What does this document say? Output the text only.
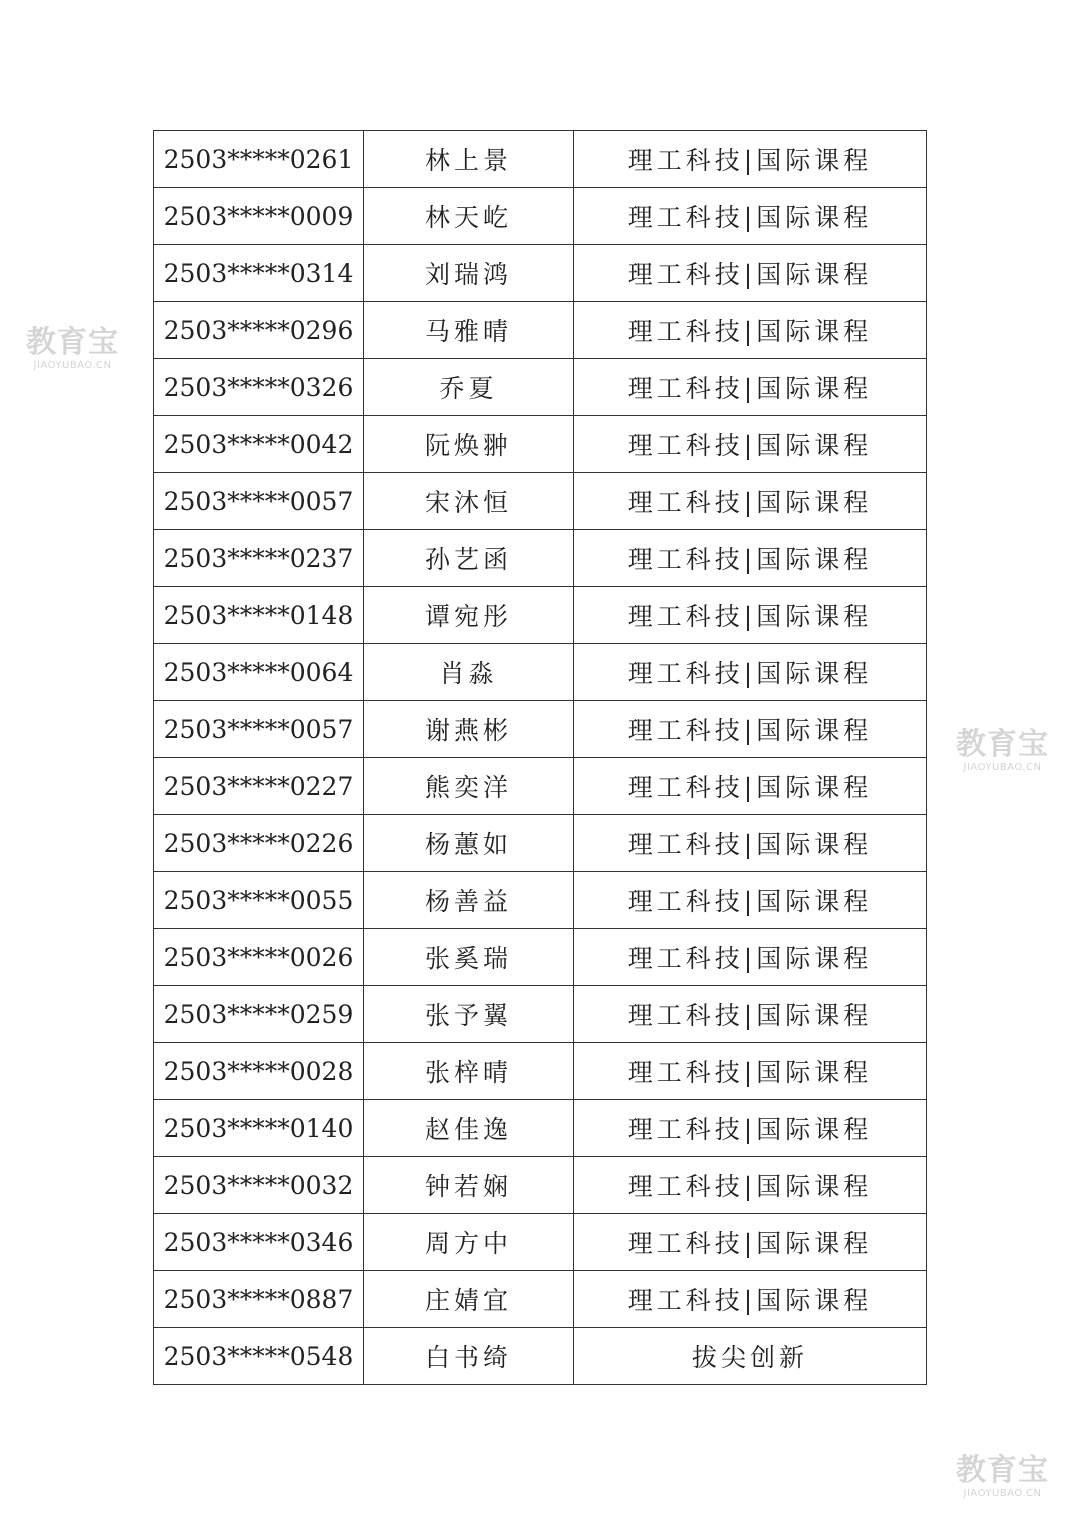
2503*****0261	林上景	理工科技|国际课程
2503*****0009	林天屹	理工科技|国际课程
2503*****0314	刘瑞鸿	理工科技|国际课程
2503*****0296	马雅晴	理工科技|国际课程
2503*****0326	乔夏	理工科技|国际课程
2503*****0042	阮焕翀	理工科技|国际课程
2503*****0057	宋沐恒	理工科技|国际课程
2503*****0237	孙艺函	理工科技|国际课程
2503*****0148	谭宛彤	理工科技|国际课程
2503*****0064	肖淼	理工科技|国际课程
2503*****0057	谢燕彬	理工科技|国际课程
2503*****0227	熊奕洋	理工科技|国际课程
2503*****0226	杨蕙如	理工科技|国际课程
2503*****0055	杨善益	理工科技|国际课程
2503*****0026	张奚瑞	理工科技|国际课程
2503*****0259	张予翼	理工科技|国际课程
2503*****0028	张梓晴	理工科技|国际课程
2503*****0140	赵佳逸	理工科技|国际课程
2503*****0032	钟若娴	理工科技|国际课程
2503*****0346	周方中	理工科技|国际课程
2503*****0887	庄婧宜	理工科技|国际课程
2503*****0548	白书绮	拔尖创新
教育宝
JIAOYUBAO.CN
教育宝
JIAOYUBAO.CN
教育宝
JIAOYUBAO.CN
